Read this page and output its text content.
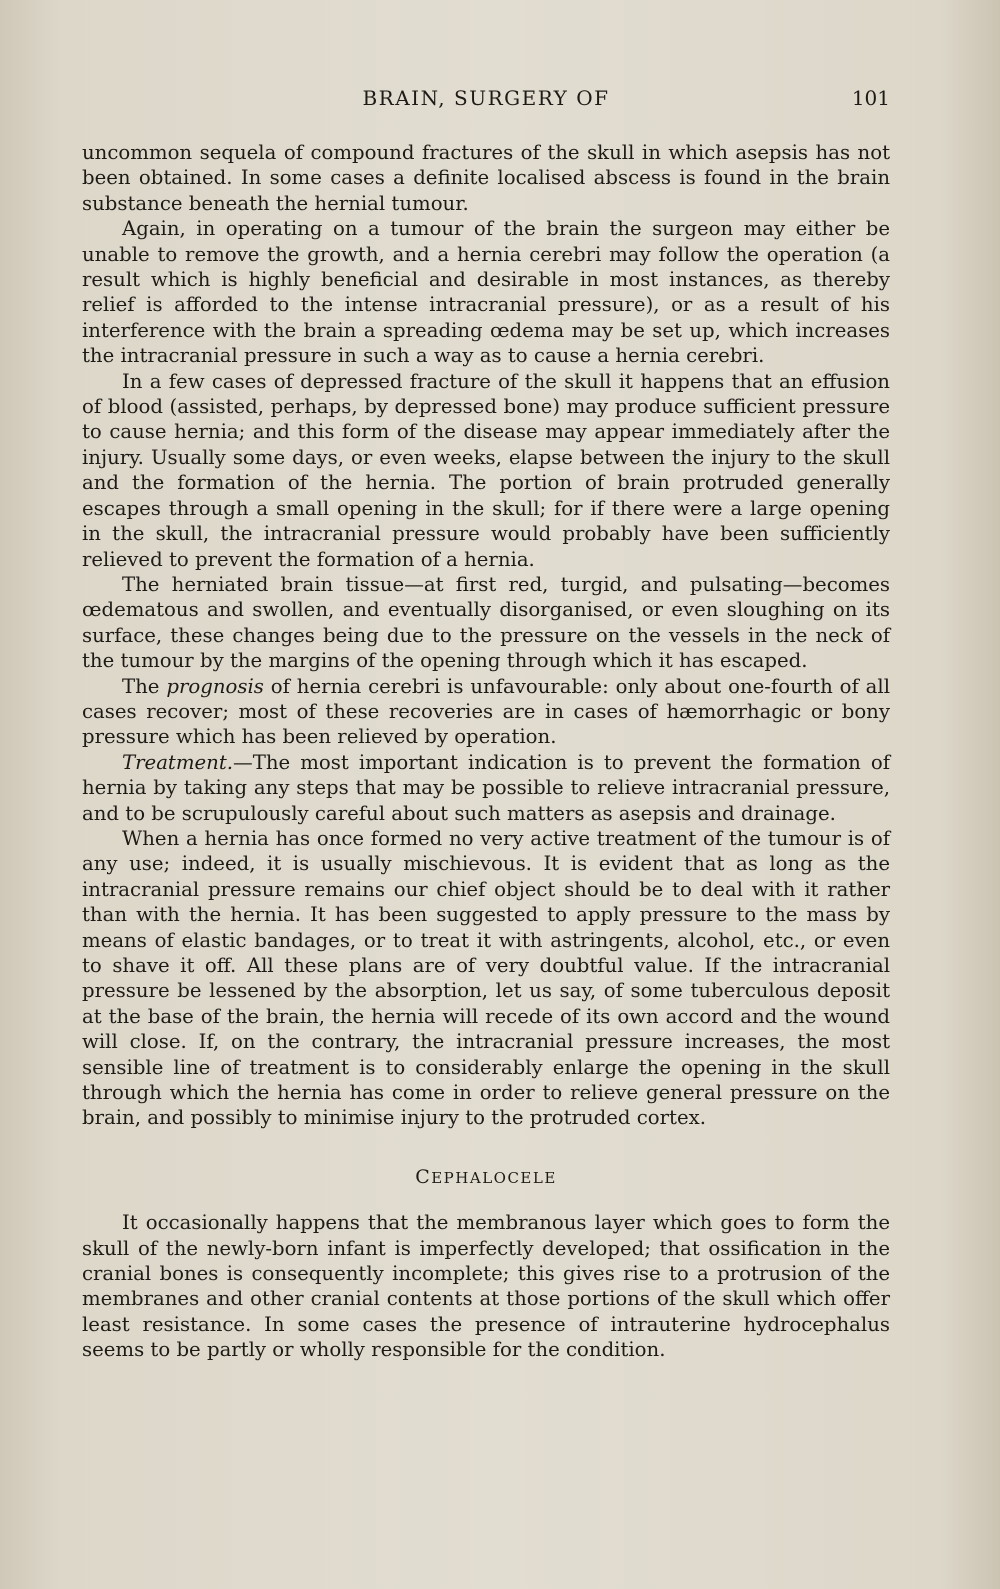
BRAIN, SURGERY OF	101

uncommon sequela of compound fractures of the skull in which asepsis has not been obtained. In some cases a definite localised abscess is found in the brain substance beneath the hernial tumour.

Again, in operating on a tumour of the brain the surgeon may either be unable to remove the growth, and a hernia cerebri may follow the operation (a result which is highly beneficial and desirable in most instances, as thereby relief is afforded to the intense intracranial pressure), or as a result of his interference with the brain a spreading œdema may be set up, which increases the intracranial pressure in such a way as to cause a hernia cerebri.

In a few cases of depressed fracture of the skull it happens that an effusion of blood (assisted, perhaps, by depressed bone) may produce sufficient pressure to cause hernia; and this form of the disease may appear immediately after the injury. Usually some days, or even weeks, elapse between the injury to the skull and the formation of the hernia. The portion of brain protruded generally escapes through a small opening in the skull; for if there were a large opening in the skull, the intracranial pressure would probably have been sufficiently relieved to prevent the formation of a hernia.

The herniated brain tissue—at first red, turgid, and pulsating—becomes œdematous and swollen, and eventually disorganised, or even sloughing on its surface, these changes being due to the pressure on the vessels in the neck of the tumour by the margins of the opening through which it has escaped.

The prognosis of hernia cerebri is unfavourable: only about one-fourth of all cases recover; most of these recoveries are in cases of hæmorrhagic or bony pressure which has been relieved by operation.

Treatment.—The most important indication is to prevent the formation of hernia by taking any steps that may be possible to relieve intracranial pressure, and to be scrupulously careful about such matters as asepsis and drainage.

When a hernia has once formed no very active treatment of the tumour is of any use; indeed, it is usually mischievous. It is evident that as long as the intracranial pressure remains our chief object should be to deal with it rather than with the hernia. It has been suggested to apply pressure to the mass by means of elastic bandages, or to treat it with astringents, alcohol, etc., or even to shave it off. All these plans are of very doubtful value. If the intracranial pressure be lessened by the absorption, let us say, of some tuberculous deposit at the base of the brain, the hernia will recede of its own accord and the wound will close. If, on the contrary, the intracranial pressure increases, the most sensible line of treatment is to considerably enlarge the opening in the skull through which the hernia has come in order to relieve general pressure on the brain, and possibly to minimise injury to the protruded cortex.

CEPHALOCELE

It occasionally happens that the membranous layer which goes to form the skull of the newly-born infant is imperfectly developed; that ossification in the cranial bones is consequently incomplete; this gives rise to a protrusion of the membranes and other cranial contents at those portions of the skull which offer least resistance. In some cases the presence of intrauterine hydrocephalus seems to be partly or wholly responsible for the condition.
